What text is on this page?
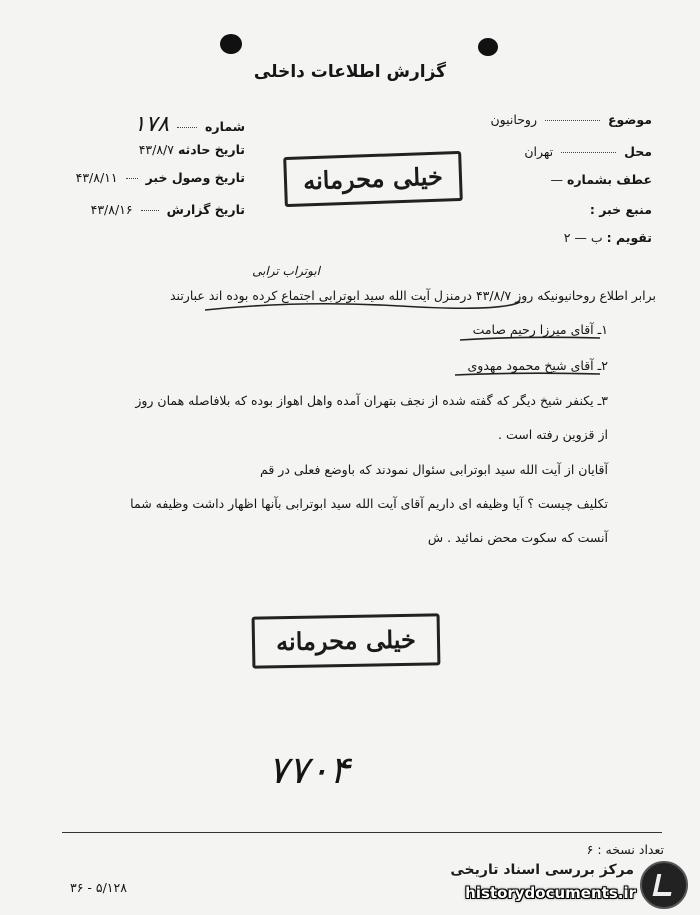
گزارش اطلاعات داخلی
موضوع  روحانیون
محل  تهران
عطف بشماره —
منبع خبر :
تقویم : ب — ۲
شماره  ۱۷۸
تاریخ حادثه ۴۳/۸/۷
تاریخ وصول خبر  ۴۳/۸/۱۱
تاریخ گزارش  ۴۳/۸/۱۶
خیلی محرمانه
ابوتراب ترابی
برابر اطلاع روحانیونیکه روز ۴۳/۸/۷ درمنزل آیت الله سید ابوترابی اجتماع کرده بوده اند عبارتند
۱ـ آقای میرزا رحیم صامت
۲ـ آقای شیخ محمود مهدوی
۳ـ یکنفر شیخ دیگر که گفته شده از نجف بتهران آمده واهل اهواز بوده که بلافاصله همان روز
از قزوین رفته است .
آقایان از آیت الله سید ابوترابی سئوال نمودند که باوضع فعلی در قم
تکلیف چیست ؟ آیا وظیفه ای داریم آقای آیت الله سید ابوترابی بآنها اظهار داشت وظیفه شما
آنست که سکوت محض نمائید . ش
خیلی محرمانه
۷۷۰۴
تعداد نسخه : ۶
۳۶ - ۵/۱۲۸
مرکز بررسی اسناد تاریخی
historydocuments.ir
